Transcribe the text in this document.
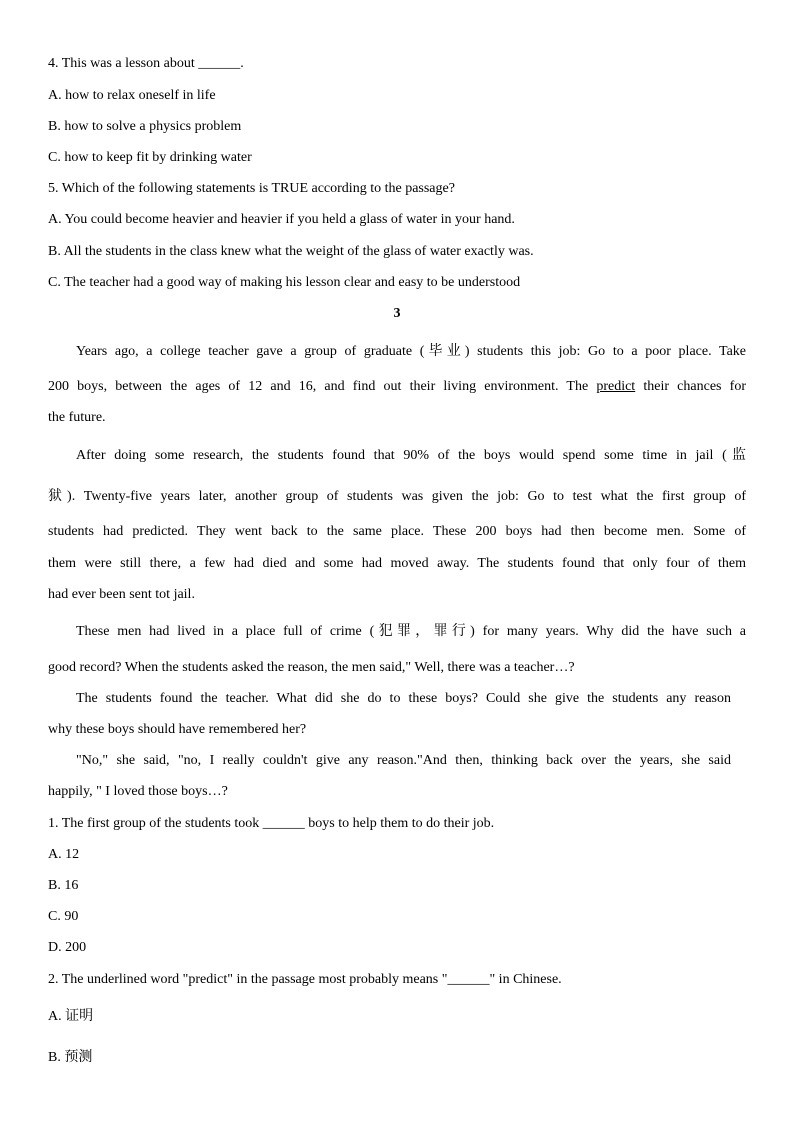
4. This was a lesson about ______.
A. how to relax oneself in life
B. how to solve a physics problem
C. how to keep fit by drinking water
5. Which of the following statements is TRUE according to the passage?
A. You could become heavier and heavier if you held a glass of water in your hand.
B. All the students in the class knew what the weight of the glass of water exactly was.
C. The teacher had a good way of making his lesson clear and easy to be understood
3
Years ago, a college teacher gave a group of graduate (毕业) students this job: Go to a poor place. Take
200 boys, between the ages of 12 and 16, and find out their living environment. The predict their chances for
the future.
After doing some research, the students found that 90% of the boys would spend some time in jail (监
狱). Twenty-five years later, another group of students was given the job: Go to test what the first group of
students had predicted. They went back to the same place. These 200 boys had then become men. Some of
them were still there, a few had died and some had moved away. The students found that only four of them
had ever been sent tot jail.
These men had lived in a place full of crime (犯罪，罪行) for many years. Why did the have such a
good record? When the students asked the reason, the men said," Well, there was a teacher…?
The students found the teacher. What did she do to these boys? Could she give the students any reason
why these boys should have remembered her?
"No," she said, "no, I really couldn't give any reason."And then, thinking back over the years, she said
happily, " I loved those boys…?
1. The first group of the students took ______ boys to help them to do their job.
A. 12
B. 16
C. 90
D. 200
2. The underlined word "predict" in the passage most probably means "______" in Chinese.
A. 证明
B. 预测
